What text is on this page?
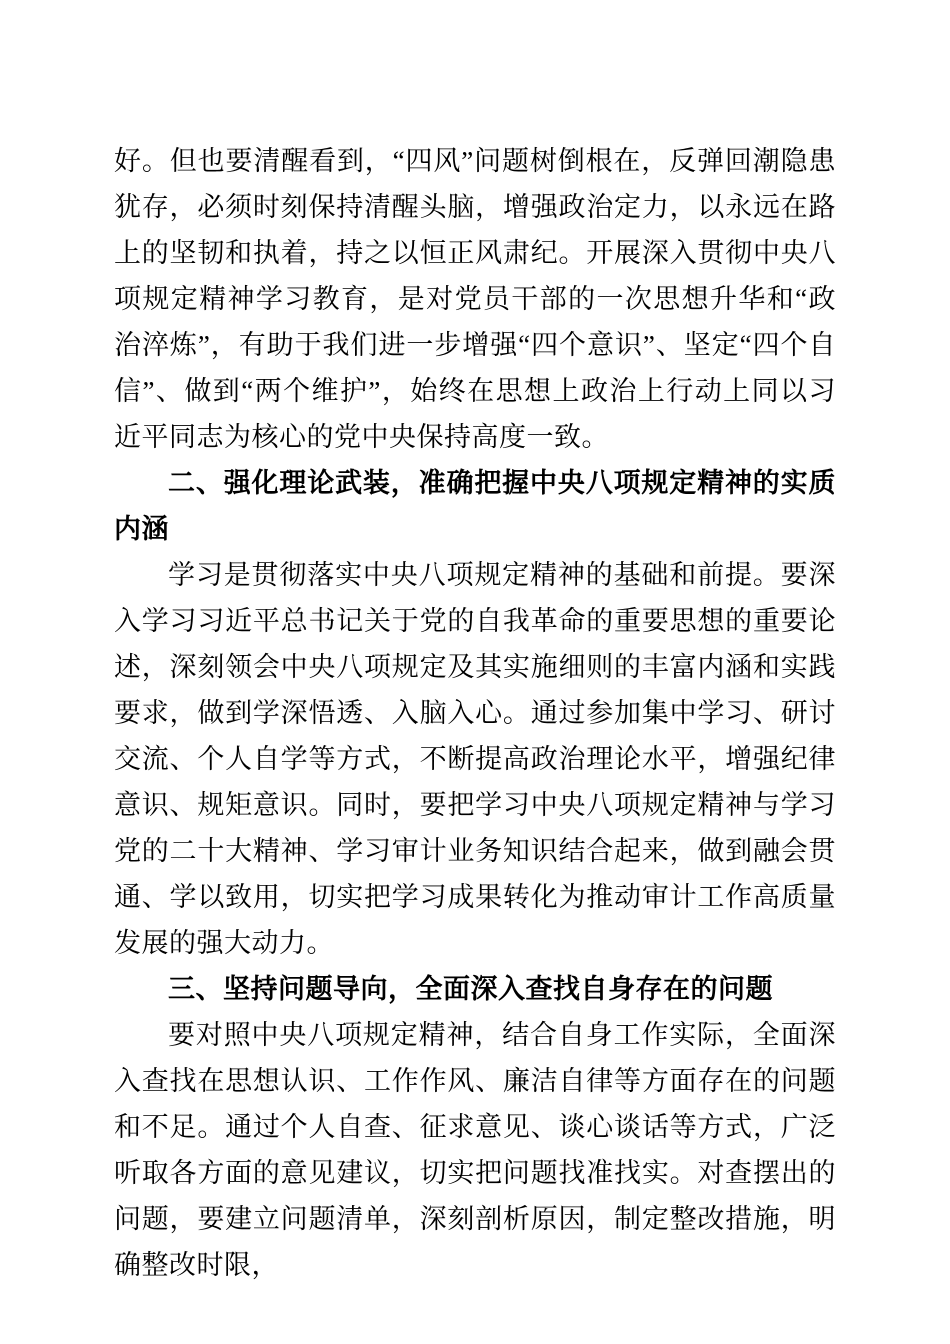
好。但也要清醒看到，“四风”问题树倒根在，反弹回潮隐患犹存，必须时刻保持清醒头脑，增强政治定力，以永远在路上的坚韧和执着，持之以恒正风肃纪。开展深入贯彻中央八项规定精神学习教育，是对党员干部的一次思想升华和“政治淬炼”，有助于我们进一步增强“四个意识”、坚定“四个自信”、做到“两个维护”，始终在思想上政治上行动上同以习近平同志为核心的党中央保持高度一致。

二、强化理论武装，准确把握中央八项规定精神的实质内涵

学习是贯彻落实中央八项规定精神的基础和前提。要深入学习习近平总书记关于党的自我革命的重要思想的重要论述，深刻领会中央八项规定及其实施细则的丰富内涵和实践要求，做到学深悟透、入脑入心。通过参加集中学习、研讨交流、个人自学等方式，不断提高政治理论水平，增强纪律意识、规矩意识。同时，要把学习中央八项规定精神与学习党的二十大精神、学习审计业务知识结合起来，做到融会贯通、学以致用，切实把学习成果转化为推动审计工作高质量发展的强大动力。

三、坚持问题导向，全面深入查找自身存在的问题

要对照中央八项规定精神，结合自身工作实际，全面深入查找在思想认识、工作作风、廉洁自律等方面存在的问题和不足。通过个人自查、征求意见、谈心谈话等方式，广泛听取各方面的意见建议，切实把问题找准找实。对查摆出的问题，要建立问题清单，深刻剖析原因，制定整改措施，明确整改时限，
